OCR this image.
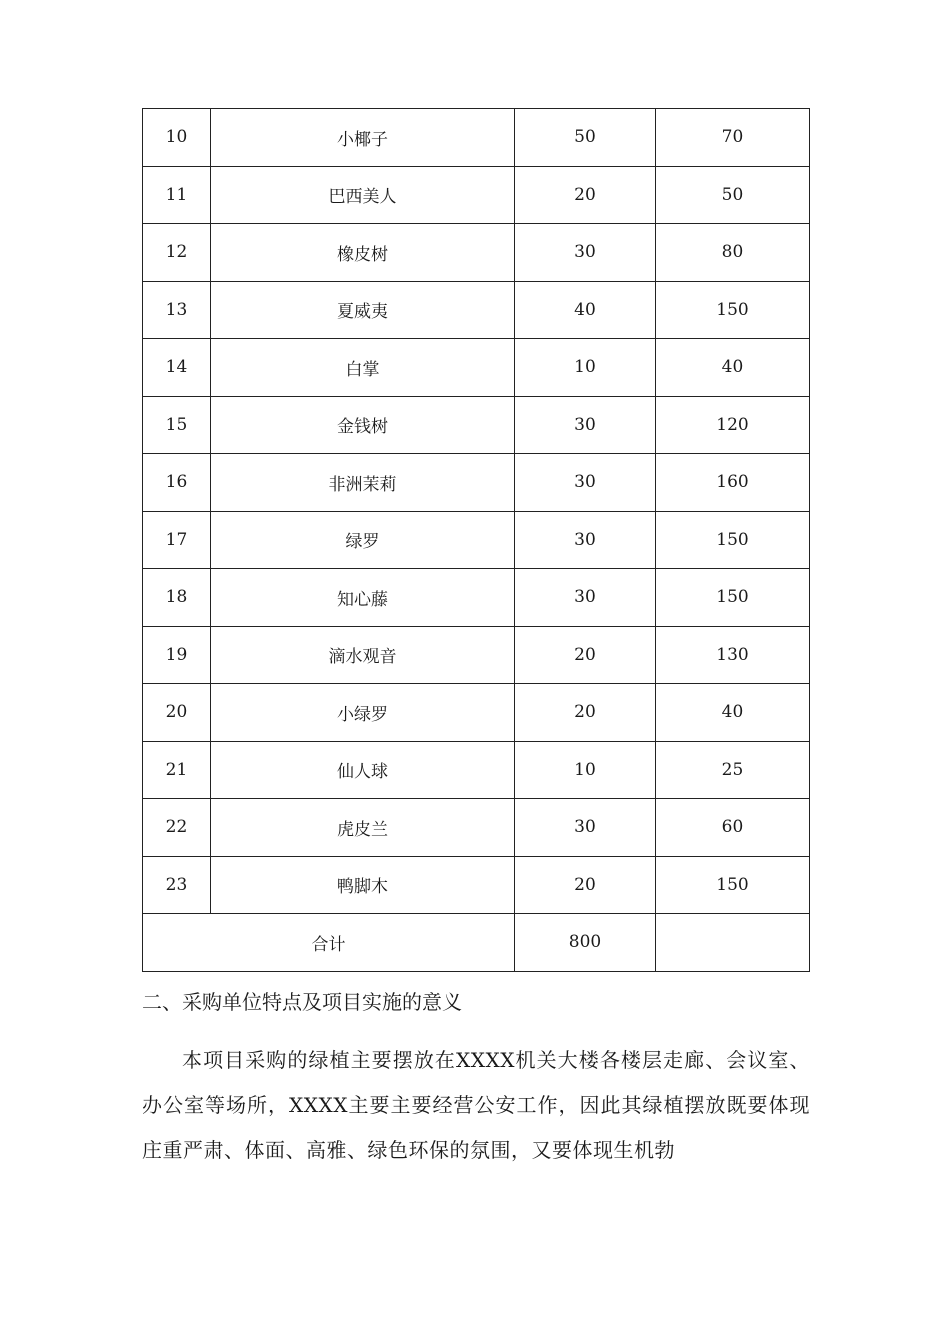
10	小椰子	50	70
11	巴西美人	20	50
12	橡皮树	30	80
13	夏威夷	40	150
14	白掌	10	40
15	金钱树	30	120
16	非洲茉莉	30	160
17	绿罗	30	150
18	知心藤	30	150
19	滴水观音	20	130
20	小绿罗	20	40
21	仙人球	10	25
22	虎皮兰	30	60
23	鸭脚木	20	150
合计		800	
二、采购单位特点及项目实施的意义
本项目采购的绿植主要摆放在XXXX机关大楼各楼层走廊、会议室、办公室等场所，XXXX主要主要经营公安工作，因此其绿植摆放既要体现庄重严肃、体面、高雅、绿色环保的氛围，又要体现生机勃
